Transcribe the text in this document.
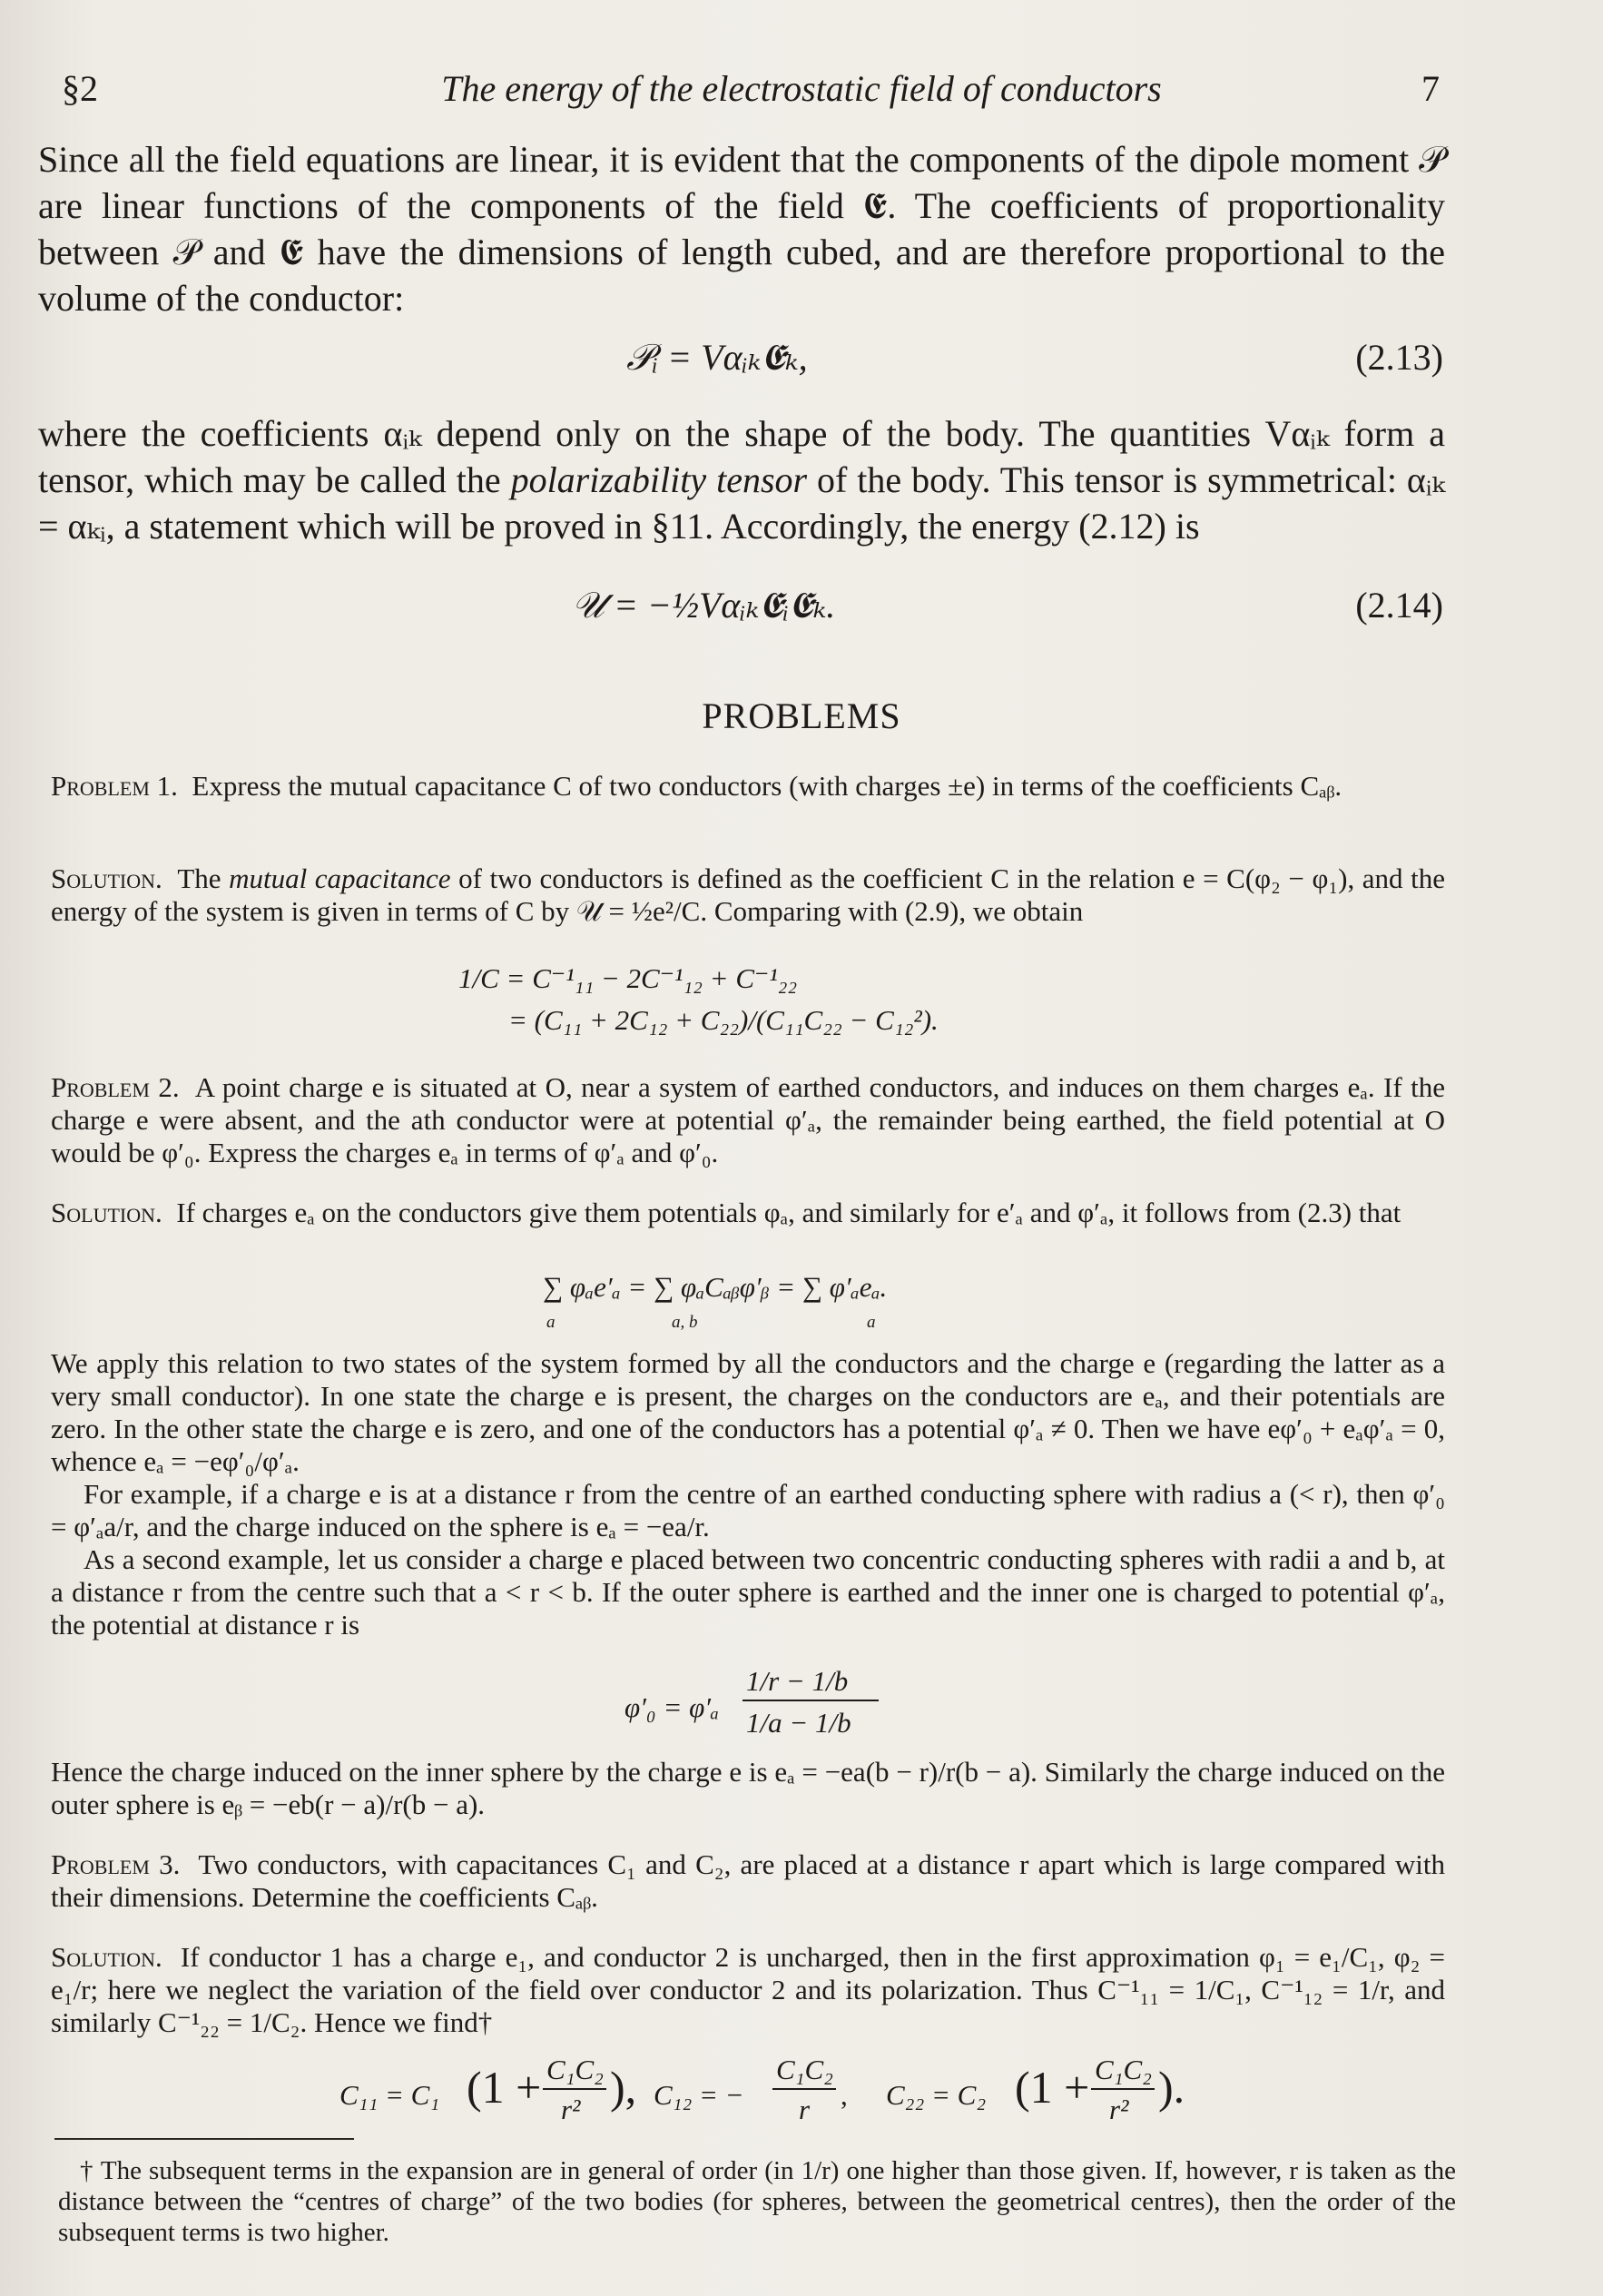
The energy of the electrostatic field of conductors
§2	7
Since all the field equations are linear, it is evident that the components of the dipole moment 𝒫 are linear functions of the components of the field 𝕰. The coefficients of proportionality between 𝒫 and 𝕰 have the dimensions of length cubed, and are therefore proportional to the volume of the conductor:
𝒫ᵢ = Vαᵢₖ𝕰ₖ,	(2.13)
where the coefficients αᵢₖ depend only on the shape of the body. The quantities Vαᵢₖ form a tensor, which may be called the polarizability tensor of the body. This tensor is symmetrical: αᵢₖ = αₖᵢ, a statement which will be proved in §11. Accordingly, the energy (2.12) is
𝒰 = −½Vαᵢₖ𝕰ᵢ𝕰ₖ.	(2.14)
PROBLEMS
Problem 1. Express the mutual capacitance C of two conductors (with charges ±e) in terms of the coefficients Cₐᵦ.
Solution. The mutual capacitance of two conductors is defined as the coefficient C in the relation e = C(φ₂ − φ₁), and the energy of the system is given in terms of C by 𝒰 = ½e²/C. Comparing with (2.9), we obtain
1/C = C⁻¹₁₁ − 2C⁻¹₁₂ + C⁻¹₂₂
= (C₁₁ + 2C₁₂ + C₂₂)/(C₁₁C₂₂ − C₁₂²).
Problem 2. A point charge e is situated at O, near a system of earthed conductors, and induces on them charges eₐ. If the charge e were absent, and the ath conductor were at potential φ′ₐ, the remainder being earthed, the field potential at O would be φ′₀. Express the charges eₐ in terms of φ′ₐ and φ′₀.
Solution. If charges eₐ on the conductors give them potentials φₐ, and similarly for e′ₐ and φ′ₐ, it follows from (2.3) that
∑ φₐe′ₐ = ∑ φₐCₐᵦφ′ᵦ = ∑ φ′ₐeₐ.
a	a, b	a
We apply this relation to two states of the system formed by all the conductors and the charge e (regarding the latter as a very small conductor). In one state the charge e is present, the charges on the conductors are eₐ, and their potentials are zero. In the other state the charge e is zero, and one of the conductors has a potential φ′ₐ ≠ 0. Then we have eφ′₀ + eₐφ′ₐ = 0, whence eₐ = −eφ′₀/φ′ₐ.
For example, if a charge e is at a distance r from the centre of an earthed conducting sphere with radius a (< r), then φ′₀ = φ′ₐa/r, and the charge induced on the sphere is eₐ = −ea/r.
As a second example, let us consider a charge e placed between two concentric conducting spheres with radii a and b, at a distance r from the centre such that a < r < b. If the outer sphere is earthed and the inner one is charged to potential φ′ₐ, the potential at distance r is
φ′₀ = φ′ₐ
1/r − 1/b
1/a − 1/b
Hence the charge induced on the inner sphere by the charge e is eₐ = −ea(b − r)/r(b − a). Similarly the charge induced on the outer sphere is eᵦ = −eb(r − a)/r(b − a).
Problem 3. Two conductors, with capacitances C₁ and C₂, are placed at a distance r apart which is large compared with their dimensions. Determine the coefficients Cₐᵦ.
Solution. If conductor 1 has a charge e₁, and conductor 2 is uncharged, then in the first approximation φ₁ = e₁/C₁, φ₂ = e₁/r; here we neglect the variation of the field over conductor 2 and its polarization. Thus C⁻¹₁₁ = 1/C₁, C⁻¹₁₂ = 1/r, and similarly C⁻¹₂₂ = 1/C₂. Hence we find†
C₁₁ = C₁ (1 + C₁C₂
r² ), C₁₂ = −
C₁C₂
r , C₂₂ = C₂ (1 + C₁C₂
r² ).
† The subsequent terms in the expansion are in general of order (in 1/r) one higher than those given. If, however, r is taken as the distance between the “centres of charge” of the two bodies (for spheres, between the geometrical centres), then the order of the subsequent terms is two higher.
